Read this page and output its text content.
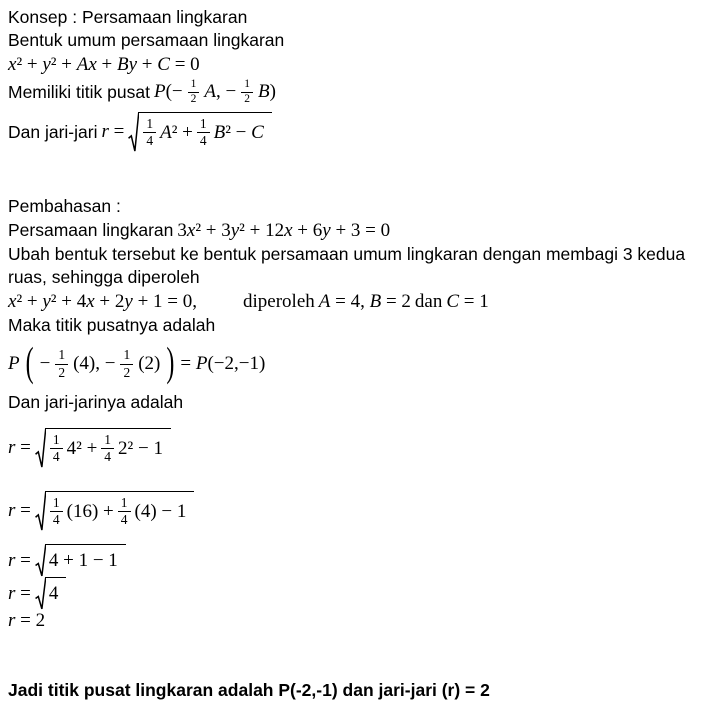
Konsep : Persamaan lingkaran
Bentuk umum persamaan lingkaran
x² + y² + Ax + By + C = 0
Memiliki titik pusat $P(- \frac{1}{2} A$, − $\frac{1}{2} B$)
Dan jari-jari $r = \frac{1}{4} A^2 + \frac{1}{4} B^2 - C$
Pembahasan :
Persamaan lingkaran 3x² + 3y² + 12x + 6y + 3 = 0
Ubah bentuk tersebut ke bentuk persamaan umum lingkaran dengan membagi 3 kedua
ruas, sehingga diperoleh
x² + y² + 4x + 2y + 1 = 0, diperoleh A = 4, B = 2 dan C = 1
Maka titik pusatnya adalah
P ( − $\frac{1}{2} (4)$, − $\frac{1}{2} (2)$ ) = P(−2,−1)
Dan jari-jarinya adalah
$r = \frac{1}{4} 4^2 + \frac{1}{4} 2^2 - 1$
$r = \frac{1}{4} (16) + \frac{1}{4} (4) - 1$
r = 4 + 1 − 1
r = 4
r = 2
Jadi titik pusat lingkaran adalah P(-2,-1) dan jari-jari (r) = 2
